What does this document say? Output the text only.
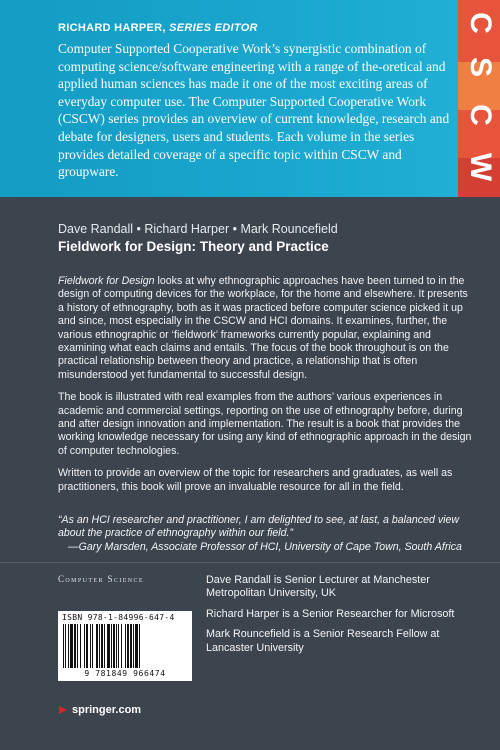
RICHARD HARPER, SERIES EDITOR

Computer Supported Cooperative Work’s synergistic combination of computing science/software engineering with a range of the-oretical and applied human sciences has made it one of the most exciting areas of everyday computer use. The Computer Supported Cooperative Work (CSCW) series provides an overview of current knowledge, research and debate for designers, users and students. Each volume in the series provides detailed coverage of a specific topic within CSCW and groupware.

C
S
C
W
Dave Randall • Richard Harper • Mark Rouncefield
Fieldwork for Design: Theory and Practice

Fieldwork for Design looks at why ethnographic approaches have been turned to in the design of computing devices for the workplace, for the home and elsewhere. It presents a history of ethnography, both as it was practiced before computer science picked it up and since, most especially in the CSCW and HCI domains. It examines, further, the various ethnographic or ‘fieldwork’ frameworks currently popular, explaining and examining what each claims and entails. The focus of the book throughout is on the practical relationship between theory and practice, a relationship that is often misunderstood yet fundamental to successful design.

The book is illustrated with real examples from the authors’ various experiences in academic and commercial settings, reporting on the use of ethnography before, during and after design innovation and implementation. The result is a book that provides the working knowledge necessary for using any kind of ethnographic approach in the design of computer technologies.

Written to provide an overview of the topic for researchers and graduates, as well as practitioners, this book will prove an invaluable resource for all in the field.

“As an HCI researcher and practitioner, I am delighted to see, at last, a balanced view about the practice of ethnography within our field.”
—Gary Marsden, Associate Professor of HCI, University of Cape Town, South Africa
Computer Science	Dave Randall is Senior Lecturer at Manchester Metropolitan University, UK

Richard Harper is a Senior Researcher for Microsoft

Mark Rouncefield is a Senior Research Fellow at Lancaster University

ISBN 978-1-84996-647-4
9 781849 966474
springer.com
